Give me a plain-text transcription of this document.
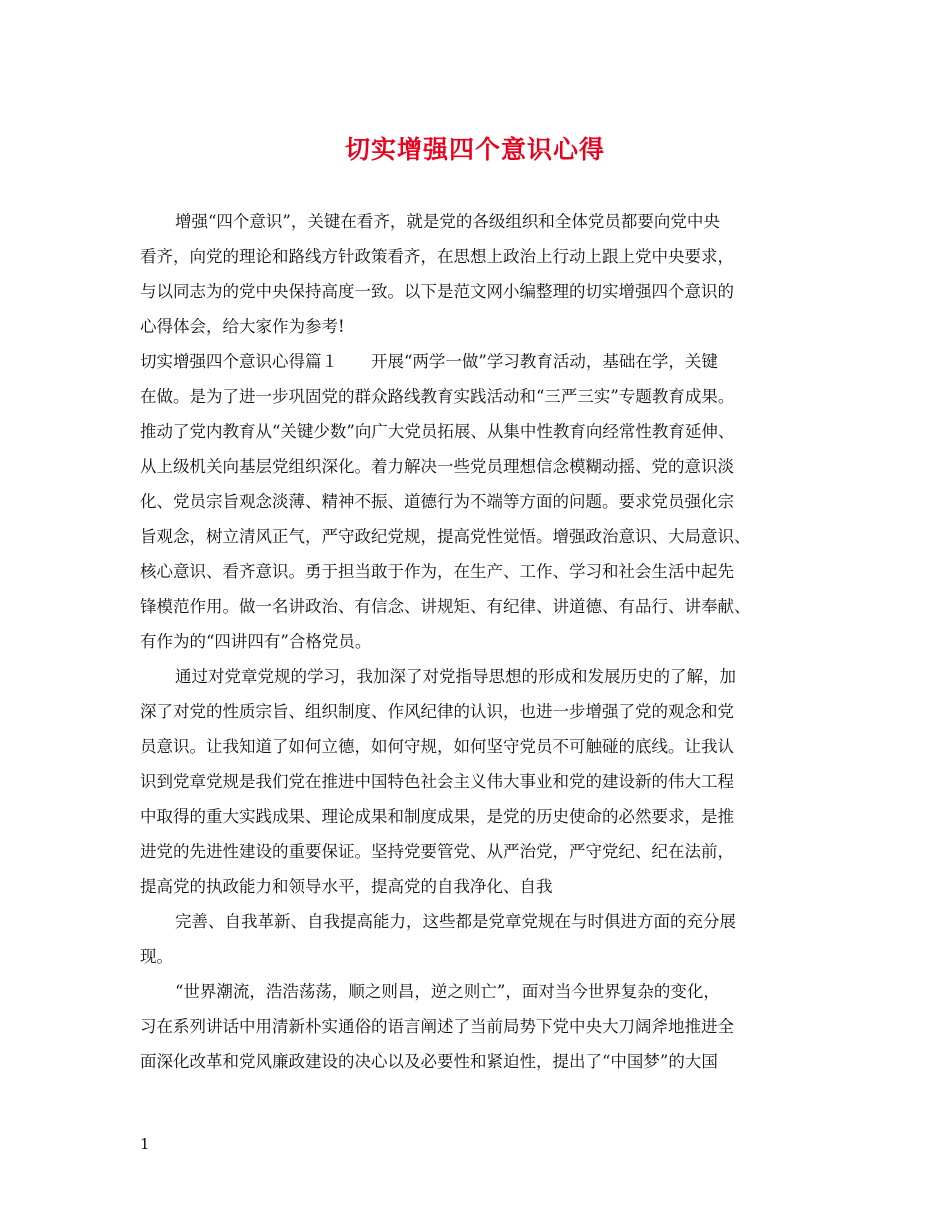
切实增强四个意识心得
增强“四个意识”，关键在看齐，就是党的各级组织和全体党员都要向党中央
看齐，向党的理论和路线方针政策看齐，在思想上政治上行动上跟上党中央要求，
与以同志为的党中央保持高度一致。以下是范文网小编整理的切实增强四个意识的
心得体会，给大家作为参考!
切实增强四个意识心得篇１　　开展“两学一做”学习教育活动，基础在学，关键
在做。是为了进一步巩固党的群众路线教育实践活动和“三严三实”专题教育成果。
推动了党内教育从“关键少数”向广大党员拓展、从集中性教育向经常性教育延伸、
从上级机关向基层党组织深化。着力解决一些党员理想信念模糊动摇、党的意识淡
化、党员宗旨观念淡薄、精神不振、道德行为不端等方面的问题。要求党员强化宗
旨观念，树立清风正气，严守政纪党规，提高党性觉悟。增强政治意识、大局意识、
核心意识、看齐意识。勇于担当敢于作为，在生产、工作、学习和社会生活中起先
锋模范作用。做一名讲政治、有信念、讲规矩、有纪律、讲道德、有品行、讲奉献、
有作为的“四讲四有”合格党员。
通过对党章党规的学习，我加深了对党指导思想的形成和发展历史的了解，加
深了对党的性质宗旨、组织制度、作风纪律的认识，也进一步增强了党的观念和党
员意识。让我知道了如何立德，如何守规，如何坚守党员不可触碰的底线。让我认
识到党章党规是我们党在推进中国特色社会主义伟大事业和党的建设新的伟大工程
中取得的重大实践成果、理论成果和制度成果，是党的历史使命的必然要求，是推
进党的先进性建设的重要保证。坚持党要管党、从严治党，严守党纪、纪在法前，
提高党的执政能力和领导水平，提高党的自我净化、自我
完善、自我革新、自我提高能力，这些都是党章党规在与时俱进方面的充分展
现。
“世界潮流，浩浩荡荡，顺之则昌，逆之则亡”，面对当今世界复杂的变化，
习在系列讲话中用清新朴实通俗的语言阐述了当前局势下党中央大刀阔斧地推进全
面深化改革和党风廉政建设的决心以及必要性和紧迫性，提出了“中国梦”的大国
1
